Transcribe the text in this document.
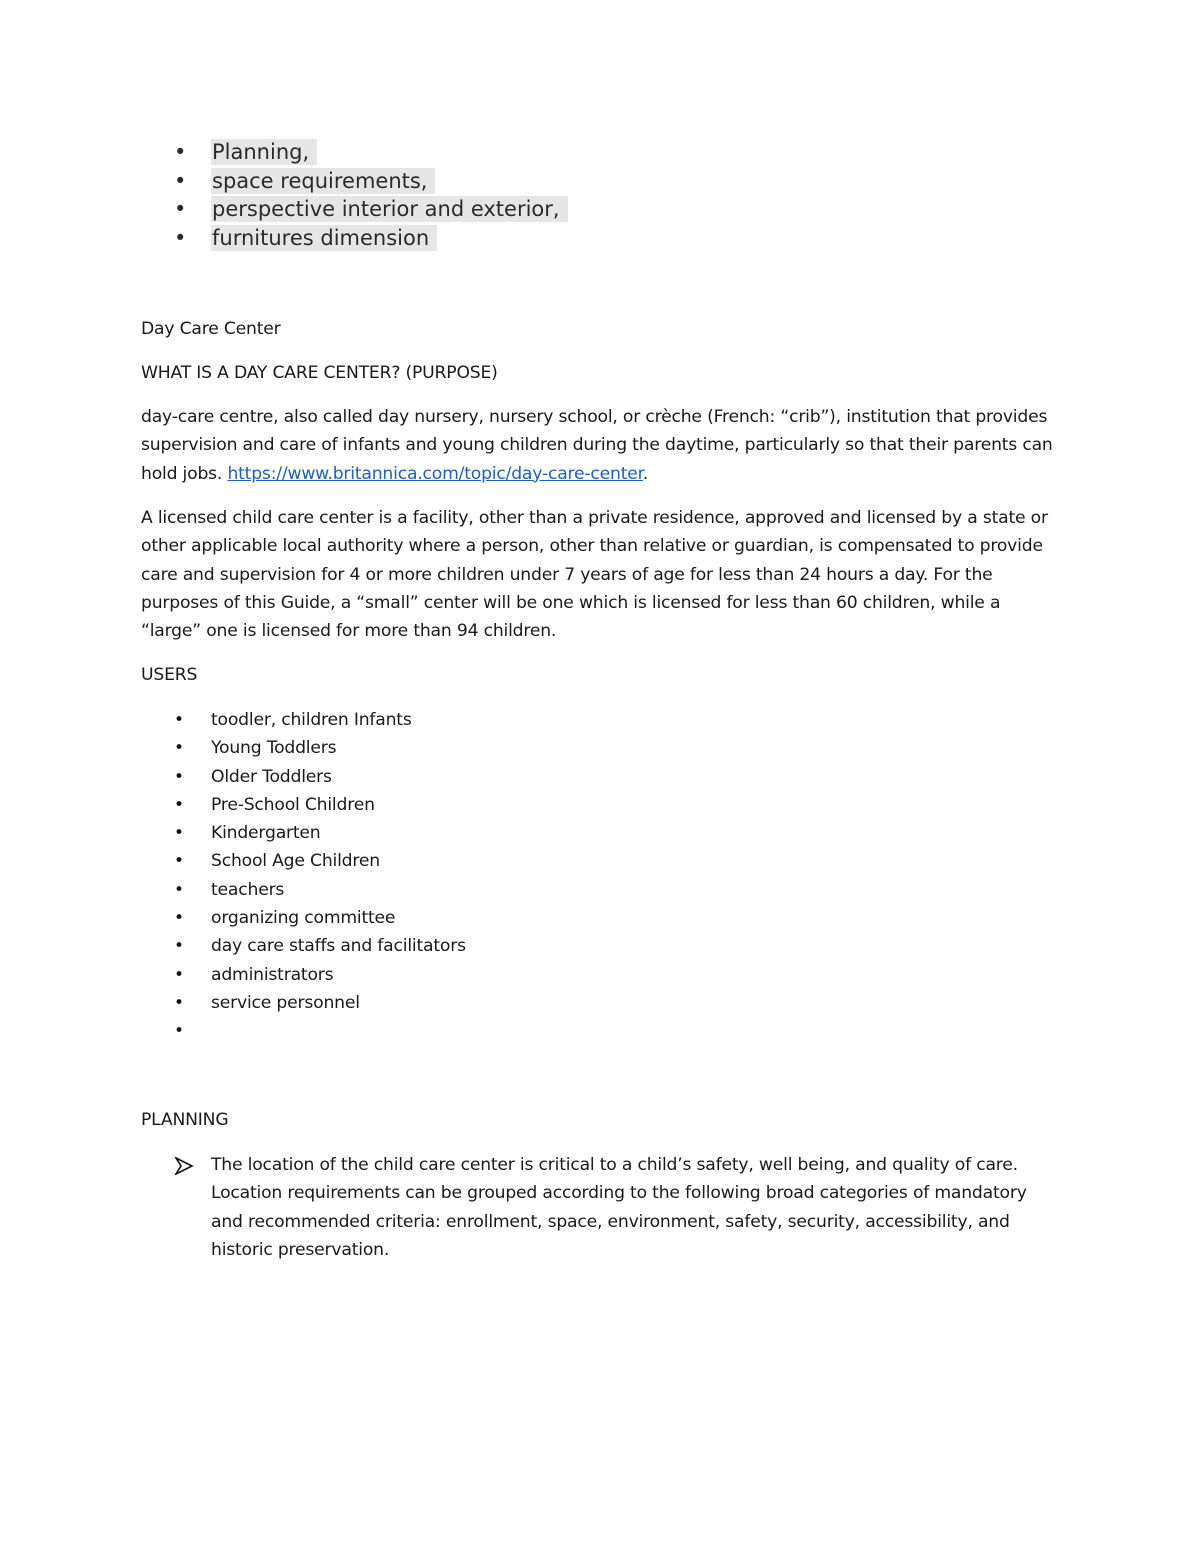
• Planning,
• space requirements,
• perspective interior and exterior,
• furnitures dimension

Day Care Center

WHAT IS A DAY CARE CENTER? (PURPOSE)

day-care centre, also called day nursery, nursery school, or crèche (French: “crib”), institution that provides supervision and care of infants and young children during the daytime, particularly so that their parents can hold jobs. https://www.britannica.com/topic/day-care-center.

A licensed child care center is a facility, other than a private residence, approved and licensed by a state or other applicable local authority where a person, other than relative or guardian, is compensated to provide care and supervision for 4 or more children under 7 years of age for less than 24 hours a day. For the purposes of this Guide, a “small” center will be one which is licensed for less than 60 children, while a “large” one is licensed for more than 94 children.

USERS

• toodler, children Infants
• Young Toddlers
• Older Toddlers
• Pre-School Children
• Kindergarten
• School Age Children
• teachers
• organizing committee
• day care staffs and facilitators
• administrators
• service personnel
•

PLANNING

The location of the child care center is critical to a child’s safety, well being, and quality of care. Location requirements can be grouped according to the following broad categories of mandatory and recommended criteria: enrollment, space, environment, safety, security, accessibility, and historic preservation.
